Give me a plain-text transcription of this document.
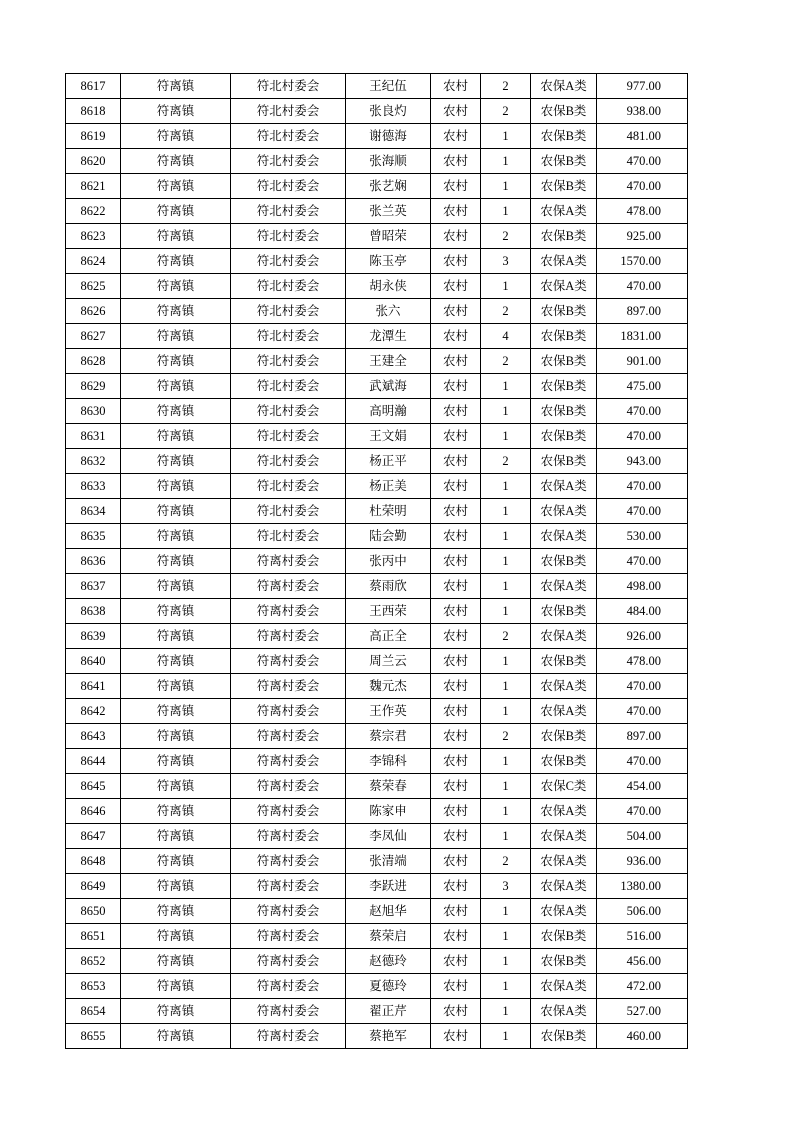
8617	符离镇	符北村委会	王纪伍	农村	2	农保A类	977.00
8618	符离镇	符北村委会	张良灼	农村	2	农保B类	938.00
8619	符离镇	符北村委会	谢德海	农村	1	农保B类	481.00
8620	符离镇	符北村委会	张海顺	农村	1	农保B类	470.00
8621	符离镇	符北村委会	张艺娴	农村	1	农保B类	470.00
8622	符离镇	符北村委会	张兰英	农村	1	农保A类	478.00
8623	符离镇	符北村委会	曾昭荣	农村	2	农保B类	925.00
8624	符离镇	符北村委会	陈玉亭	农村	3	农保A类	1570.00
8625	符离镇	符北村委会	胡永侠	农村	1	农保A类	470.00
8626	符离镇	符北村委会	张六	农村	2	农保B类	897.00
8627	符离镇	符北村委会	龙潭生	农村	4	农保B类	1831.00
8628	符离镇	符北村委会	王建全	农村	2	农保B类	901.00
8629	符离镇	符北村委会	武斌海	农村	1	农保B类	475.00
8630	符离镇	符北村委会	高明瀚	农村	1	农保B类	470.00
8631	符离镇	符北村委会	王文娟	农村	1	农保B类	470.00
8632	符离镇	符北村委会	杨正平	农村	2	农保B类	943.00
8633	符离镇	符北村委会	杨正美	农村	1	农保A类	470.00
8634	符离镇	符北村委会	杜荣明	农村	1	农保A类	470.00
8635	符离镇	符北村委会	陆会勤	农村	1	农保A类	530.00
8636	符离镇	符离村委会	张丙中	农村	1	农保B类	470.00
8637	符离镇	符离村委会	蔡雨欣	农村	1	农保A类	498.00
8638	符离镇	符离村委会	王西荣	农村	1	农保B类	484.00
8639	符离镇	符离村委会	高正全	农村	2	农保A类	926.00
8640	符离镇	符离村委会	周兰云	农村	1	农保B类	478.00
8641	符离镇	符离村委会	魏元杰	农村	1	农保A类	470.00
8642	符离镇	符离村委会	王作英	农村	1	农保A类	470.00
8643	符离镇	符离村委会	蔡宗君	农村	2	农保B类	897.00
8644	符离镇	符离村委会	李锦科	农村	1	农保B类	470.00
8645	符离镇	符离村委会	蔡荣春	农村	1	农保C类	454.00
8646	符离镇	符离村委会	陈家申	农村	1	农保A类	470.00
8647	符离镇	符离村委会	李凤仙	农村	1	农保A类	504.00
8648	符离镇	符离村委会	张清端	农村	2	农保A类	936.00
8649	符离镇	符离村委会	李跃进	农村	3	农保A类	1380.00
8650	符离镇	符离村委会	赵旭华	农村	1	农保A类	506.00
8651	符离镇	符离村委会	蔡荣启	农村	1	农保B类	516.00
8652	符离镇	符离村委会	赵德玲	农村	1	农保B类	456.00
8653	符离镇	符离村委会	夏德玲	农村	1	农保A类	472.00
8654	符离镇	符离村委会	翟正芹	农村	1	农保A类	527.00
8655	符离镇	符离村委会	蔡艳军	农村	1	农保B类	460.00
